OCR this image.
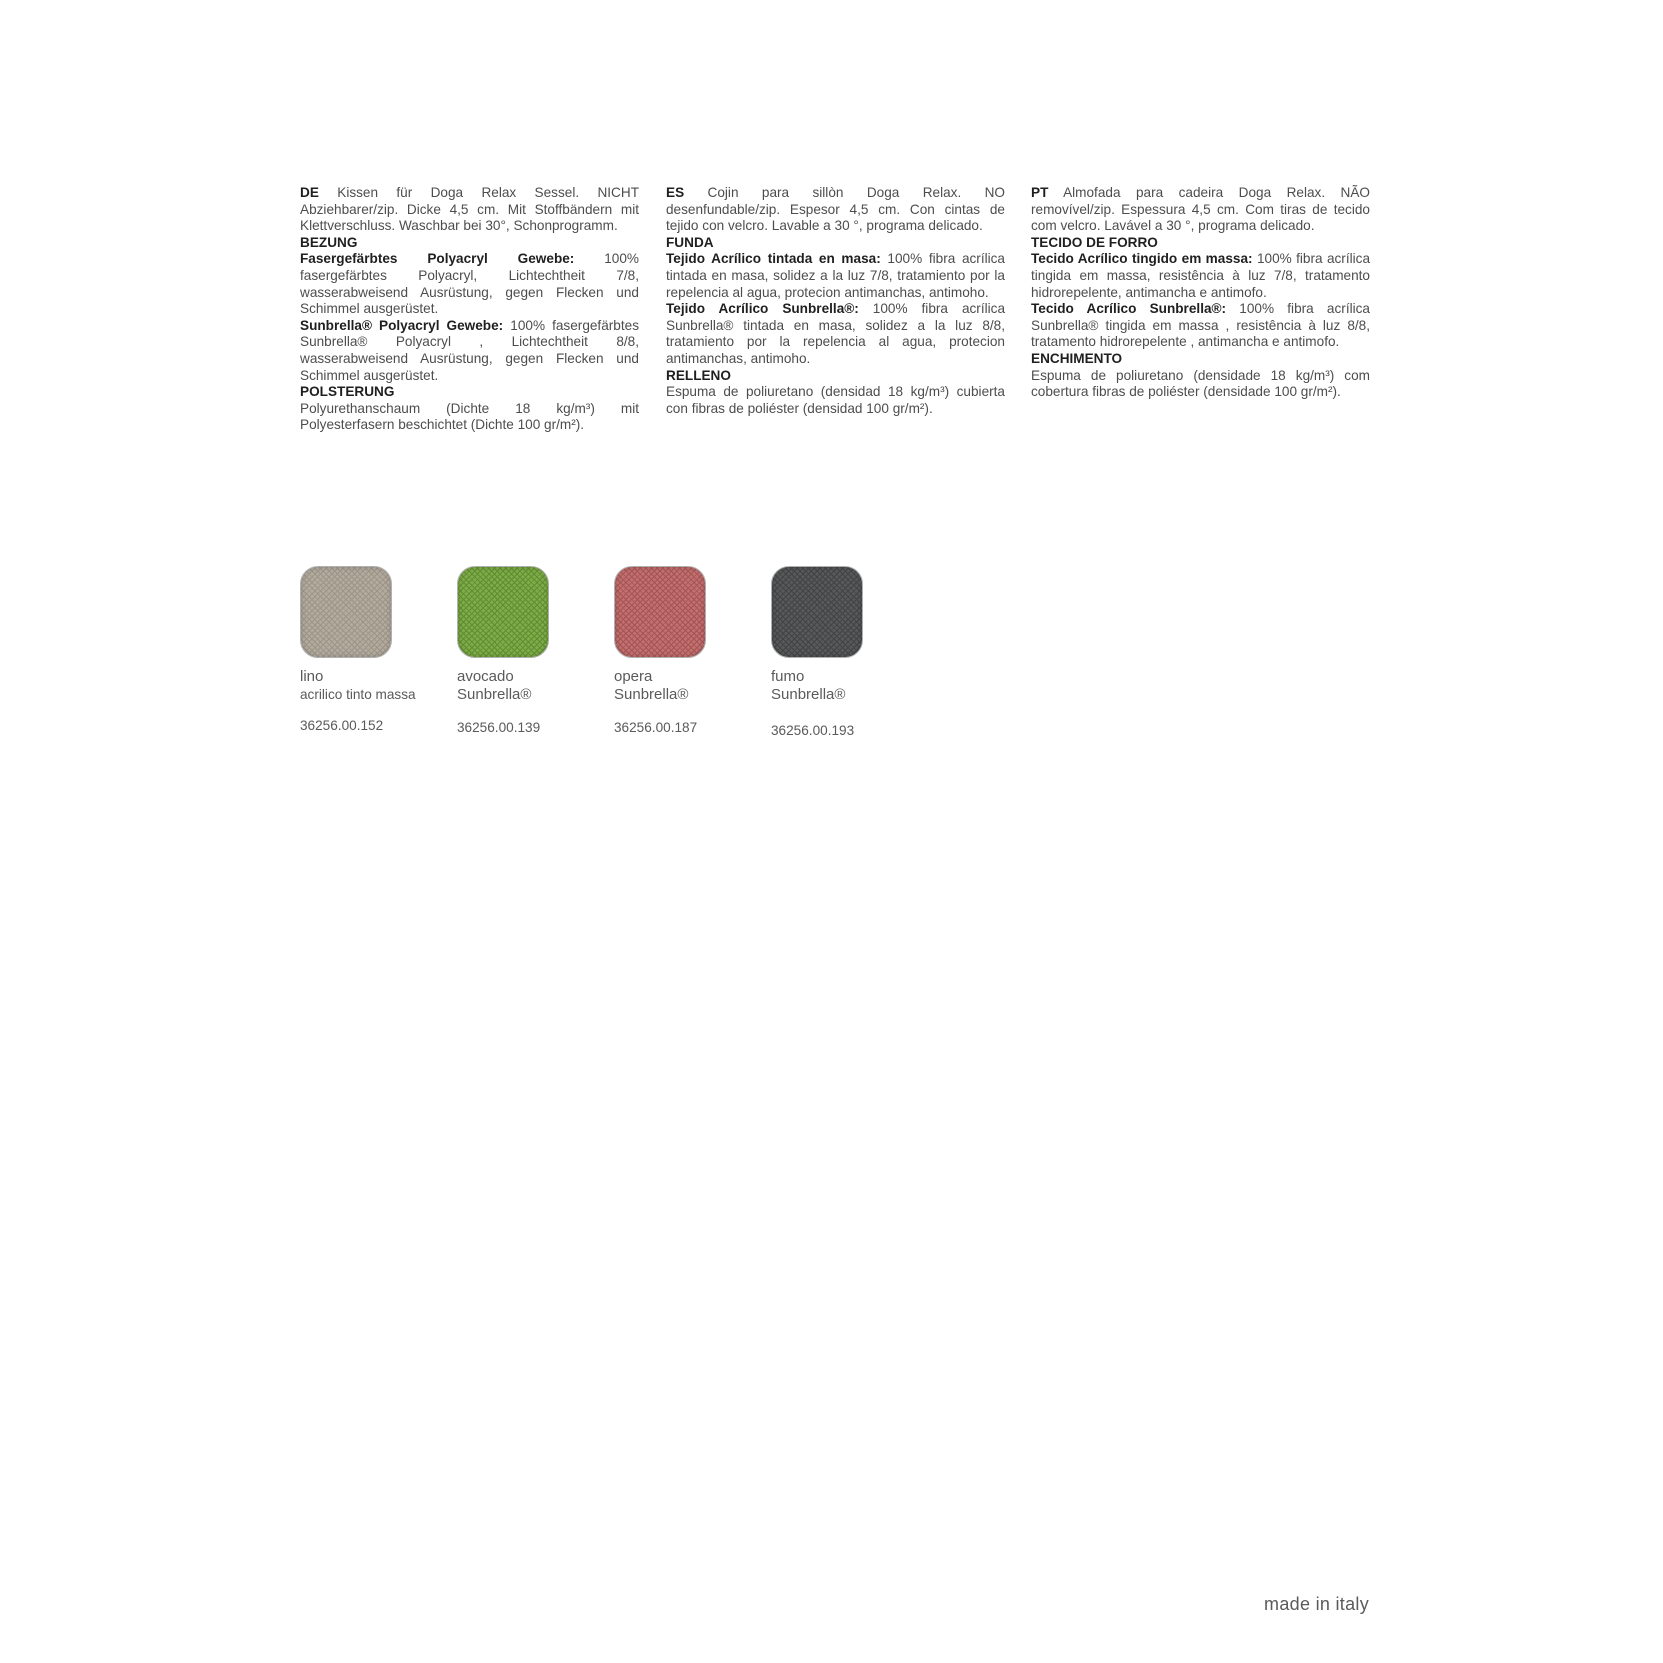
DE Kissen für Doga Relax Sessel. NICHT Abziehbarer/zip. Dicke 4,5 cm. Mit Stoffbändern mit Klettverschluss. Waschbar bei 30°, Schonprogramm.

BEZUNG

Fasergefärbtes Polyacryl Gewebe: 100% fasergefärbtes Polyacryl, Lichtechtheit 7/8, wasserabweisend Ausrüstung, gegen Flecken und Schimmel ausgerüstet.

Sunbrella® Polyacryl Gewebe: 100% fasergefärbtes Sunbrella® Polyacryl , Lichtechtheit 8/8, wasserabweisend Ausrüstung, gegen Flecken und Schimmel ausgerüstet.

POLSTERUNG

Polyurethanschaum (Dichte 18 kg/m³) mit Polyesterfasern beschichtet (Dichte 100 gr/m²).

ES Cojin para sillòn Doga Relax. NO desenfundable/zip. Espesor 4,5 cm. Con cintas de tejido con velcro. Lavable a 30 °, programa delicado.

FUNDA

Tejido Acrílico tintada en masa: 100% fibra acrílica tintada en masa, solidez a la luz 7/8, tratamiento por la repelencia al agua, protecion antimanchas, antimoho.

Tejido Acrílico Sunbrella®: 100% fibra acrílica Sunbrella® tintada en masa, solidez a la luz 8/8, tratamiento por la repelencia al agua, protecion antimanchas, antimoho.

RELLENO

Espuma de poliuretano (densidad 18 kg/m³) cubierta con fibras de poliéster (densidad 100 gr/m²).

PT Almofada para cadeira Doga Relax. NÃO removível/zip. Espessura 4,5 cm. Com tiras de tecido com velcro. Lavável a 30 °, programa delicado.

TECIDO DE FORRO

Tecido Acrílico tingido em massa: 100% fibra acrílica tingida em massa, resistência à luz 7/8, tratamento hidrorepelente, antimancha e antimofo.

Tecido Acrílico Sunbrella®: 100% fibra acrílica Sunbrella® tingida em massa , resistência à luz 8/8, tratamento hidrorepelente , antimancha e antimofo.

ENCHIMENTO

Espuma de poliuretano (densidade 18 kg/m³) com cobertura fibras de poliéster (densidade 100 gr/m²).

lino
acrilico tinto massa
36256.00.152
avocado
Sunbrella®
36256.00.139
opera
Sunbrella®
36256.00.187
fumo
Sunbrella®
36256.00.193
made in italy
